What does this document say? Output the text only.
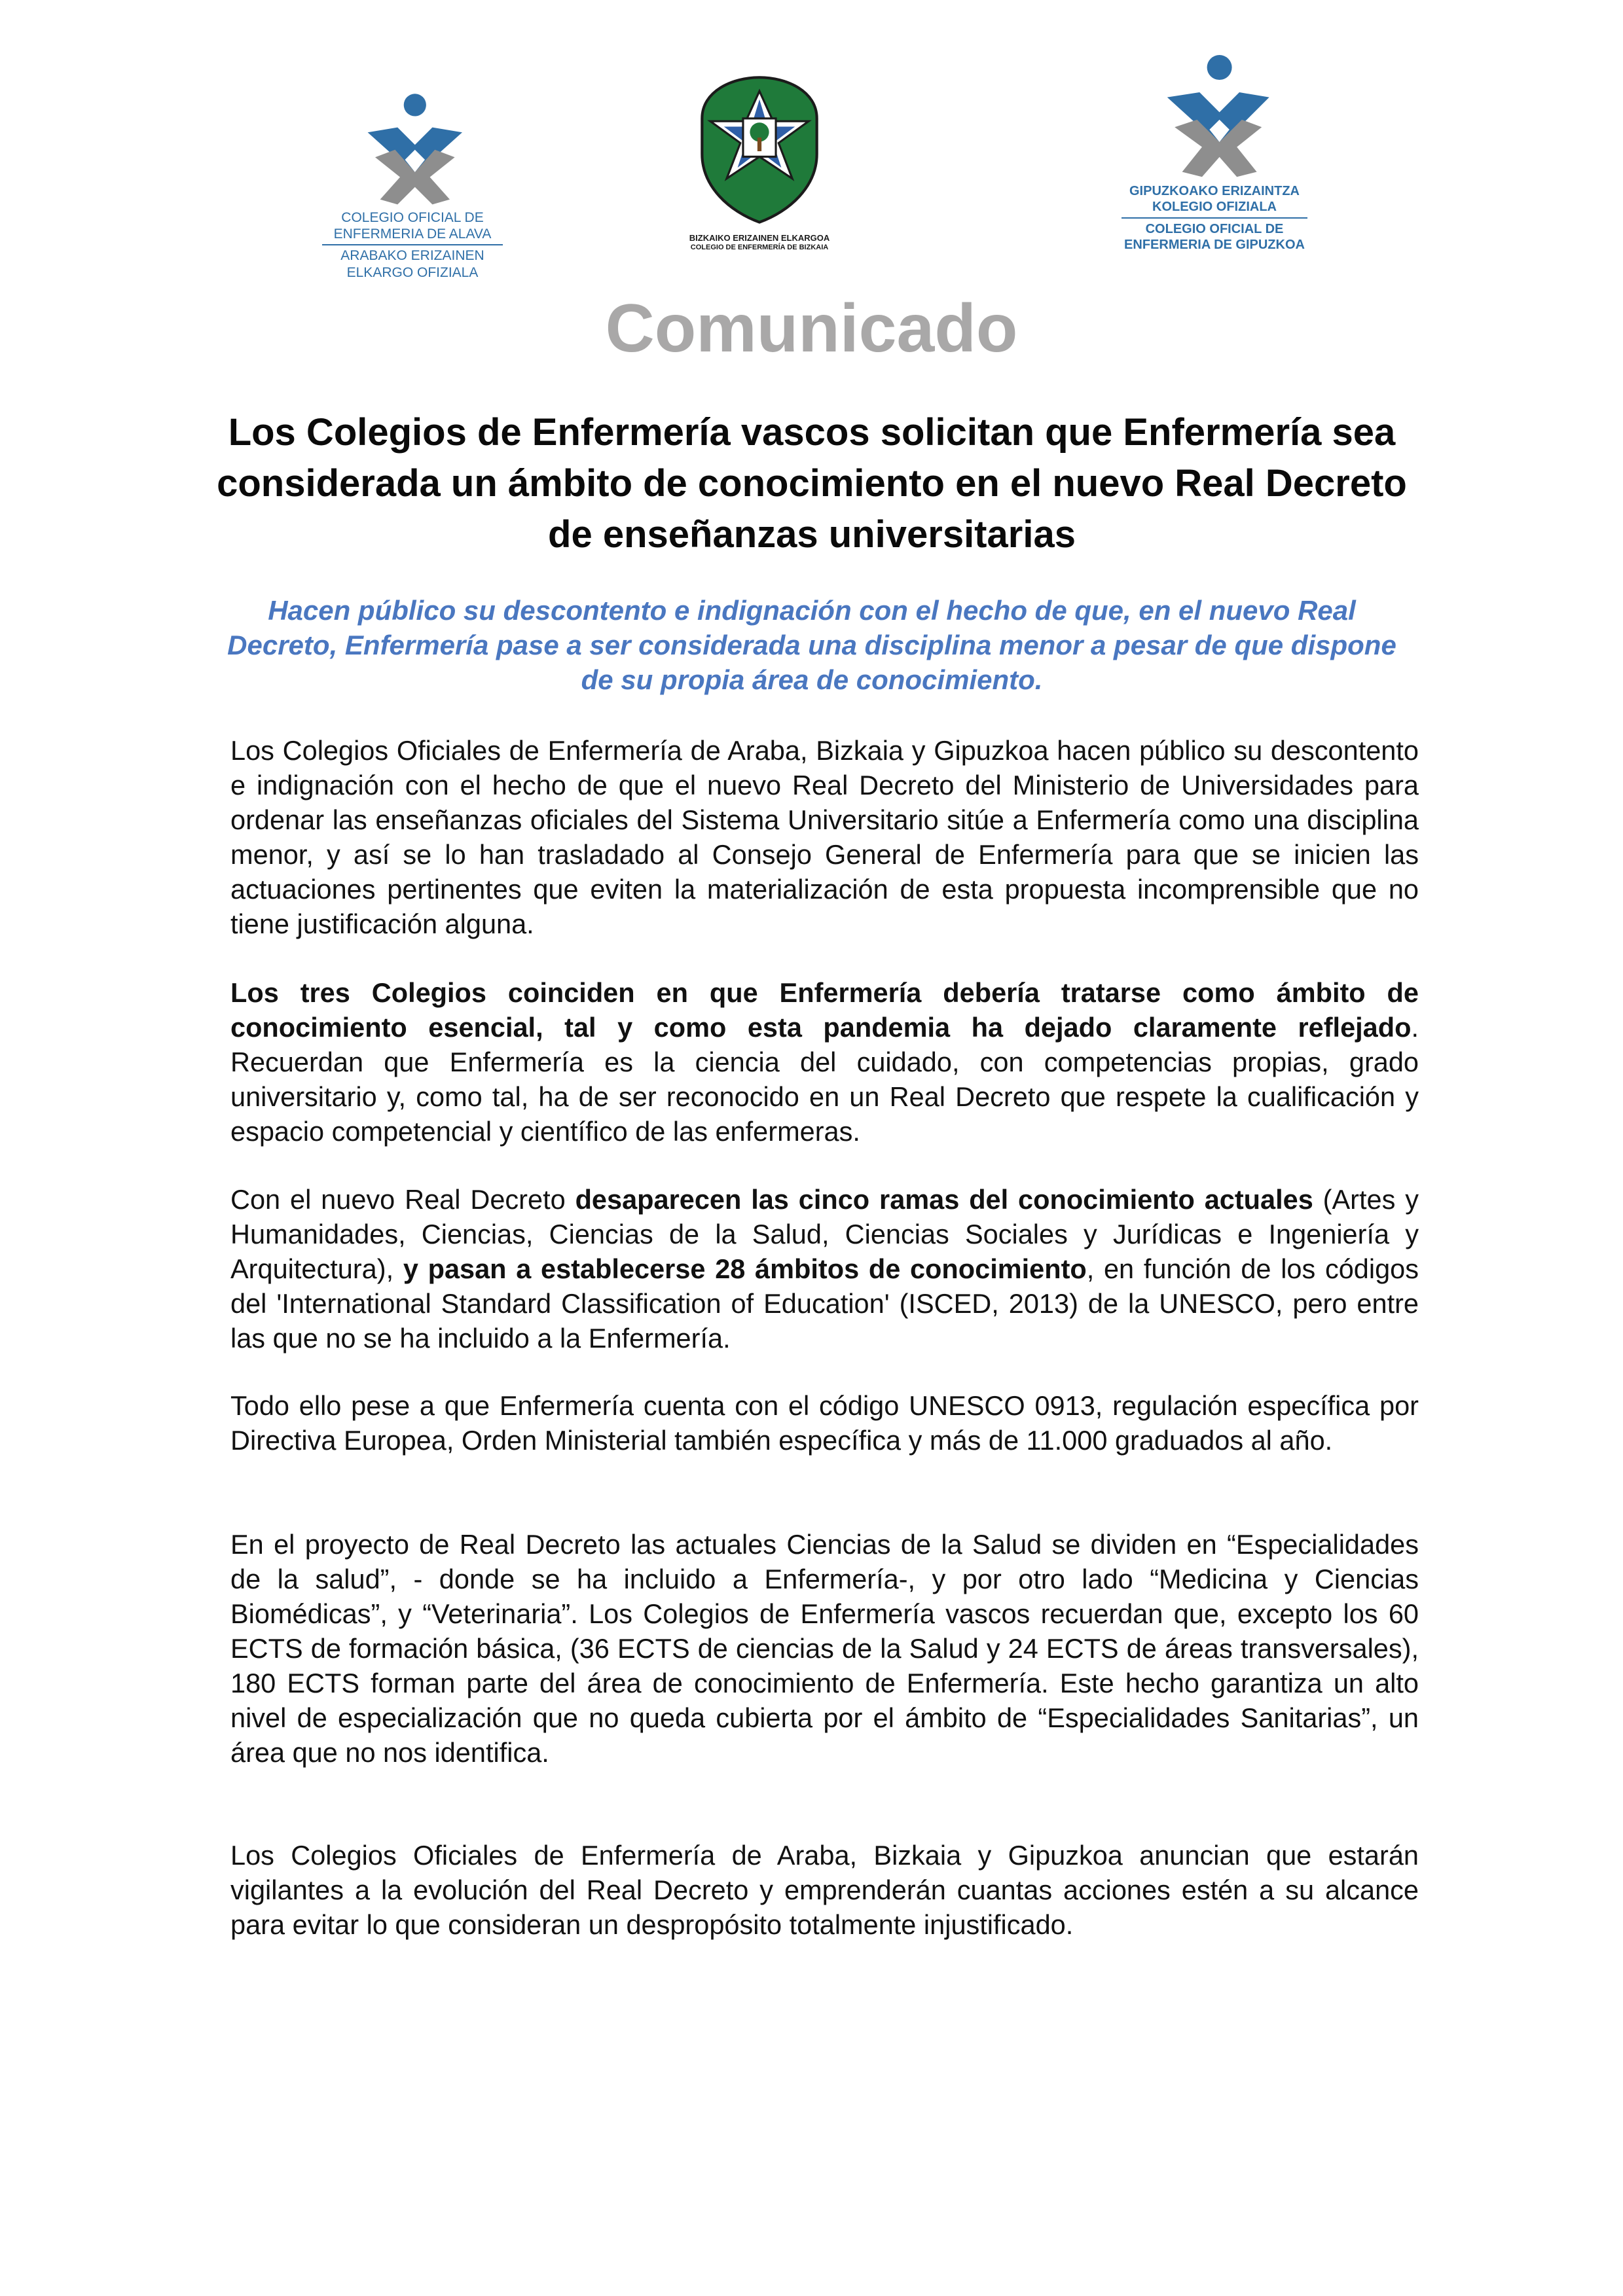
COLEGIO OFICIAL DE
ENFERMERIA DE ALAVA
ARABAKO ERIZAINEN
ELKARGO OFIZIALA
BIZKAIKO ERIZAINEN ELKARGOA
COLEGIO DE ENFERMERÍA DE BIZKAIA
GIPUZKOAKO ERIZAINTZA
KOLEGIO OFIZIALA
COLEGIO OFICIAL DE
ENFERMERIA DE GIPUZKOA
Comunicado
Los Colegios de Enfermería vascos solicitan que Enfermería sea considerada un ámbito de conocimiento en el nuevo Real Decreto de enseñanzas universitarias

Hacen público su descontento e indignación con el hecho de que, en el nuevo Real Decreto, Enfermería pase a ser considerada una disciplina menor a pesar de que dispone de su propia área de conocimiento.

Los Colegios Oficiales de Enfermería de Araba, Bizkaia y Gipuzkoa hacen público su descontento e indignación con el hecho de que el nuevo Real Decreto del Ministerio de Universidades para ordenar las enseñanzas oficiales del Sistema Universitario sitúe a Enfermería como una disciplina menor, y así se lo han trasladado al Consejo General de Enfermería para que se inicien las actuaciones pertinentes que eviten la materialización de esta propuesta incomprensible que no tiene justificación alguna.

Los tres Colegios coinciden en que Enfermería debería tratarse como ámbito de conocimiento esencial, tal y como esta pandemia ha dejado claramente reflejado. Recuerdan que Enfermería es la ciencia del cuidado, con competencias propias, grado universitario y, como tal, ha de ser reconocido en un Real Decreto que respete la cualificación y espacio competencial y científico de las enfermeras.

Con el nuevo Real Decreto desaparecen las cinco ramas del conocimiento actuales (Artes y Humanidades, Ciencias, Ciencias de la Salud, Ciencias Sociales y Jurídicas e Ingeniería y Arquitectura), y pasan a establecerse 28 ámbitos de conocimiento, en función de los códigos del 'International Standard Classification of Education' (ISCED, 2013) de la UNESCO, pero entre las que no se ha incluido a la Enfermería.

Todo ello pese a que Enfermería cuenta con el código UNESCO 0913, regulación específica por Directiva Europea, Orden Ministerial también específica y más de 11.000 graduados al año.

En el proyecto de Real Decreto las actuales Ciencias de la Salud se dividen en “Especialidades de la salud”, - donde se ha incluido a Enfermería-, y por otro lado “Medicina y Ciencias Biomédicas”, y “Veterinaria”. Los Colegios de Enfermería vascos recuerdan que, excepto los 60 ECTS de formación básica, (36 ECTS de ciencias de la Salud y 24 ECTS de áreas transversales), 180 ECTS forman parte del área de conocimiento de Enfermería. Este hecho garantiza un alto nivel de especialización que no queda cubierta por el ámbito de “Especialidades Sanitarias”, un área que no nos identifica.

Los Colegios Oficiales de Enfermería de Araba, Bizkaia y Gipuzkoa anuncian que estarán vigilantes a la evolución del Real Decreto y emprenderán cuantas acciones estén a su alcance para evitar lo que consideran un despropósito totalmente injustificado.
